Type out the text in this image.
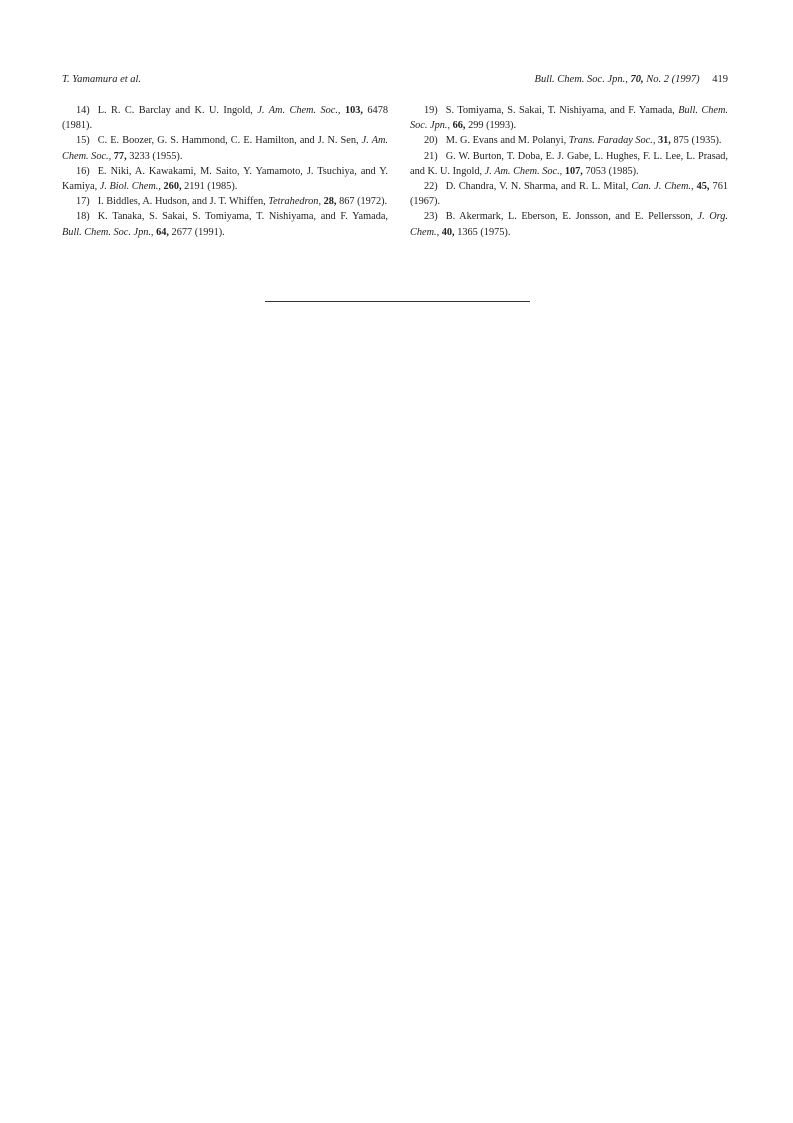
T. Yamamura et al.	Bull. Chem. Soc. Jpn., 70, No. 2 (1997) 419

14) L. R. C. Barclay and K. U. Ingold, J. Am. Chem. Soc., 103, 6478 (1981).

15) C. E. Boozer, G. S. Hammond, C. E. Hamilton, and J. N. Sen, J. Am. Chem. Soc., 77, 3233 (1955).

16) E. Niki, A. Kawakami, M. Saito, Y. Yamamoto, J. Tsuchiya, and Y. Kamiya, J. Biol. Chem., 260, 2191 (1985).

17) I. Biddles, A. Hudson, and J. T. Whiffen, Tetrahedron, 28, 867 (1972).

18) K. Tanaka, S. Sakai, S. Tomiyama, T. Nishiyama, and F. Yamada, Bull. Chem. Soc. Jpn., 64, 2677 (1991).

19) S. Tomiyama, S. Sakai, T. Nishiyama, and F. Yamada, Bull. Chem. Soc. Jpn., 66, 299 (1993).

20) M. G. Evans and M. Polanyi, Trans. Faraday Soc., 31, 875 (1935).

21) G. W. Burton, T. Doba, E. J. Gabe, L. Hughes, F. L. Lee, L. Prasad, and K. U. Ingold, J. Am. Chem. Soc., 107, 7053 (1985).

22) D. Chandra, V. N. Sharma, and R. L. Mital, Can. J. Chem., 45, 761 (1967).

23) B. Akermark, L. Eberson, E. Jonsson, and E. Pellersson, J. Org. Chem., 40, 1365 (1975).
